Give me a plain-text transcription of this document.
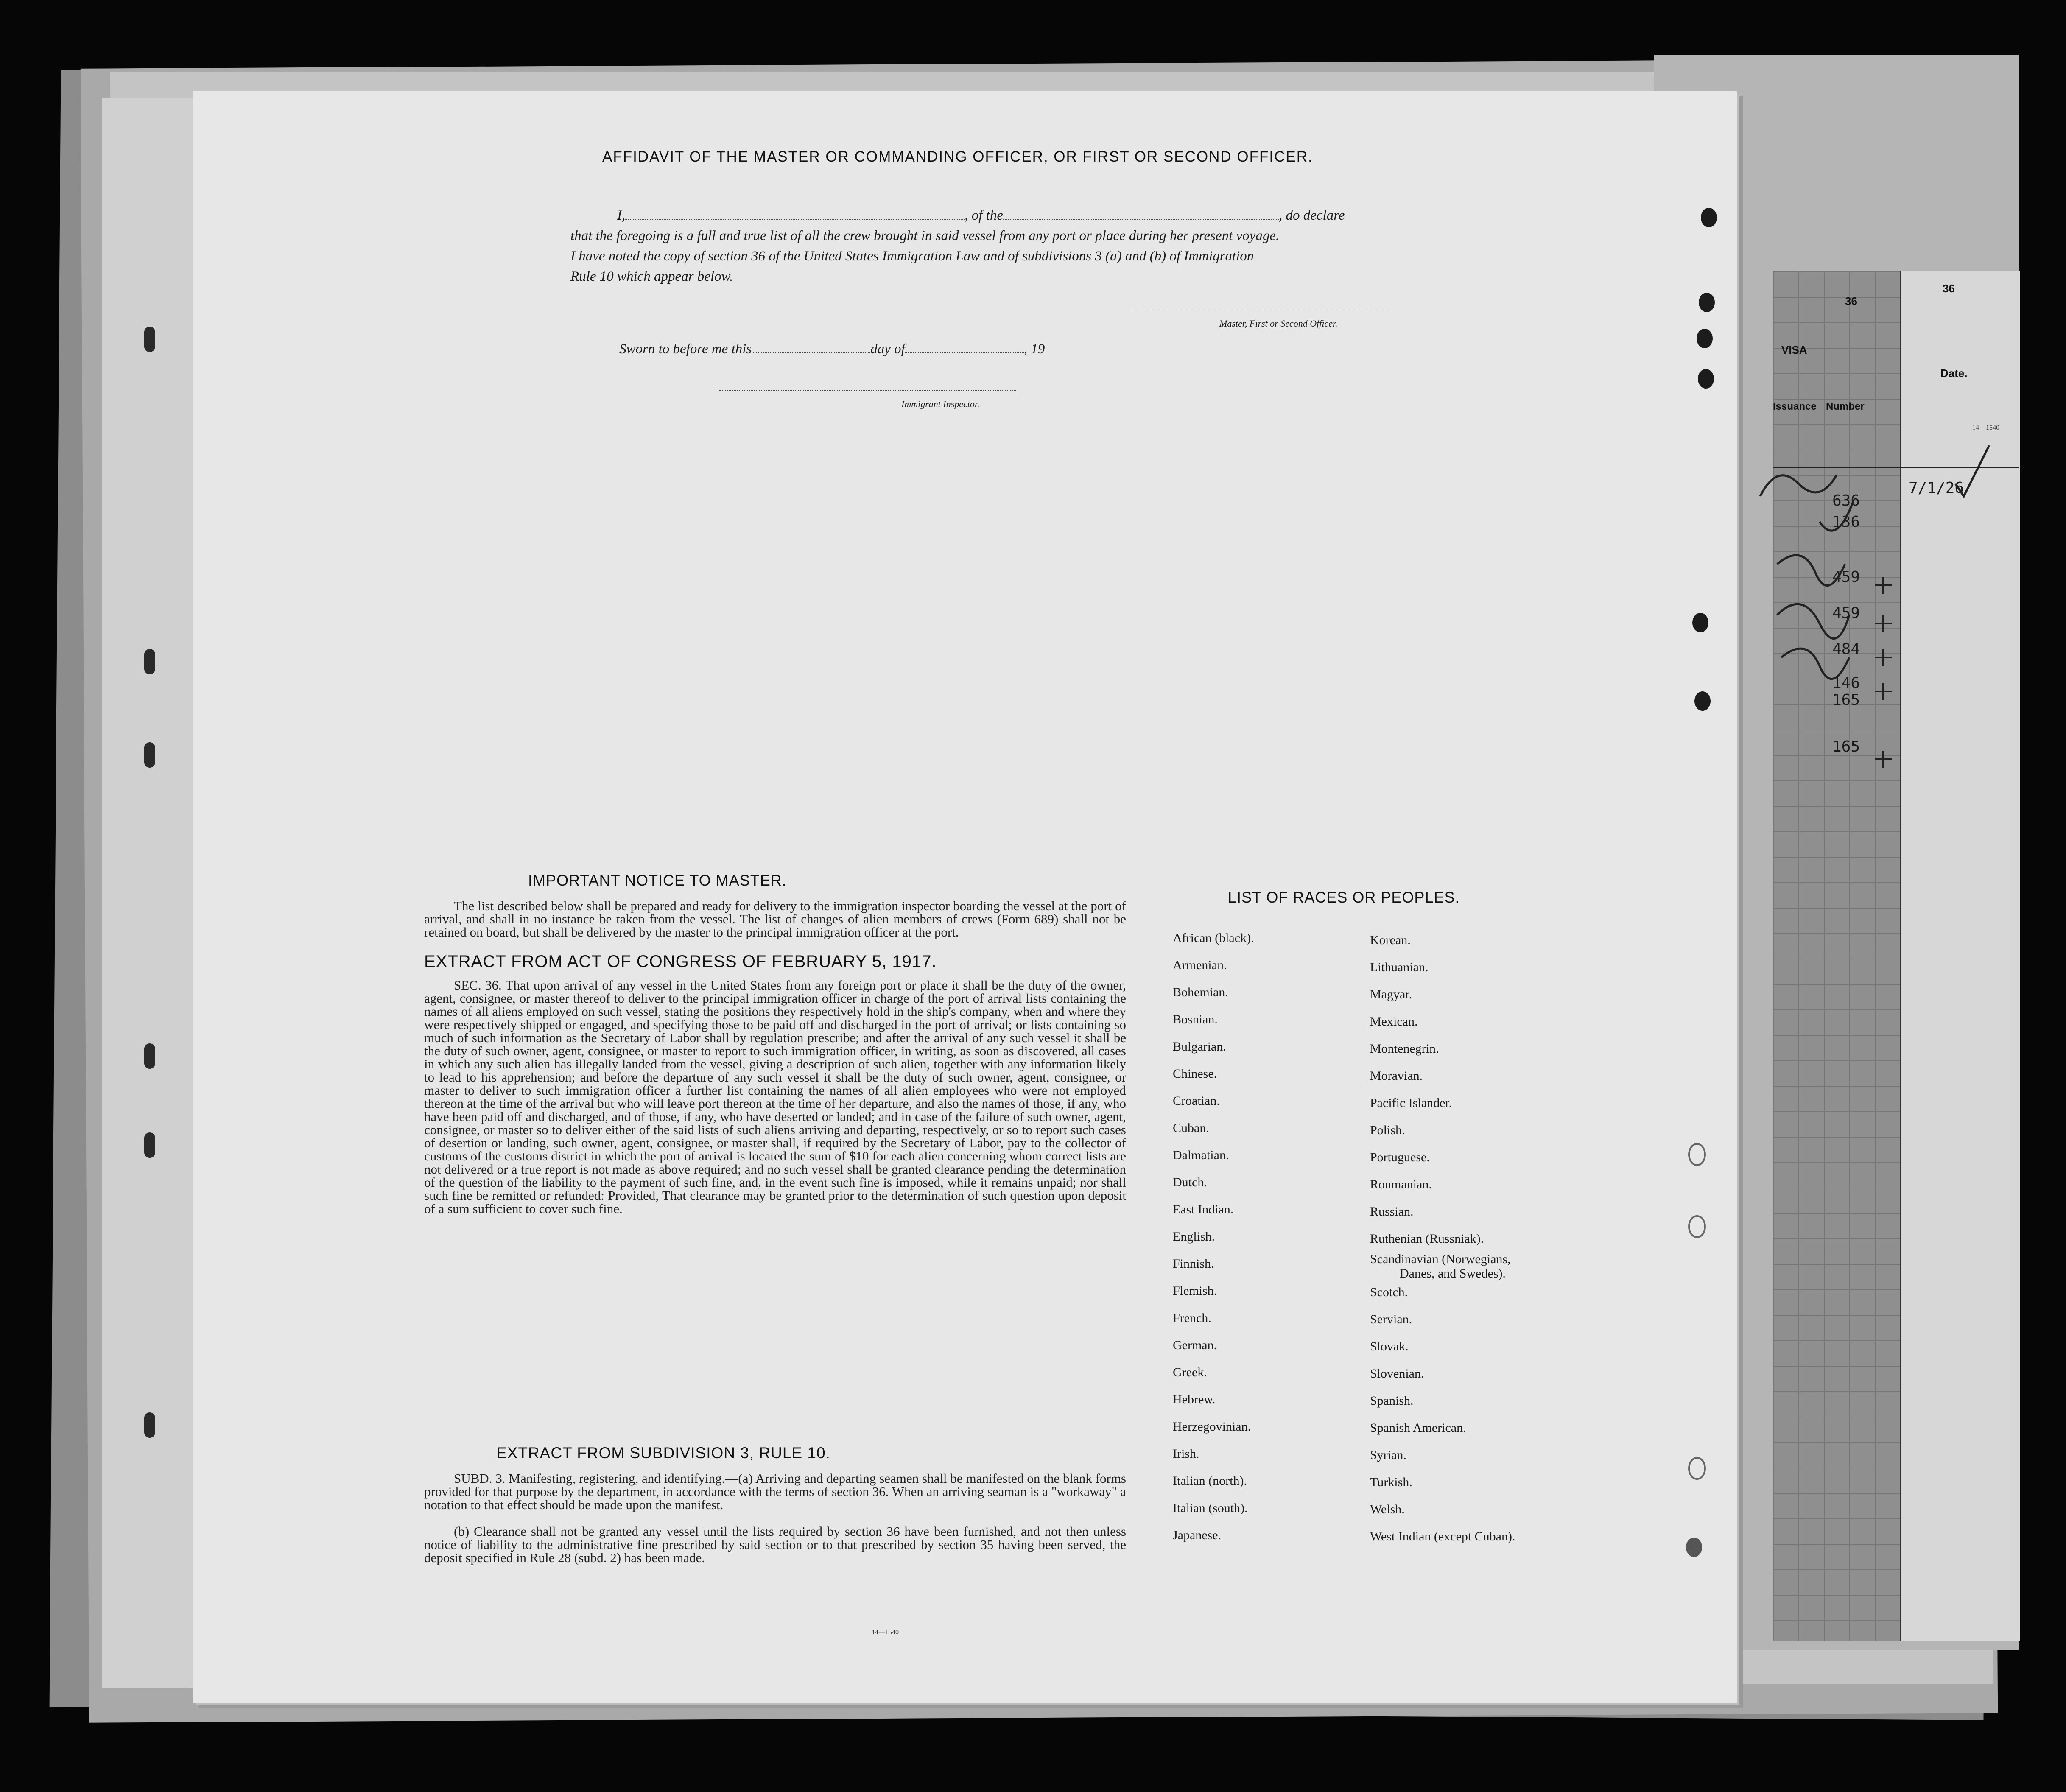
36
36
VISA
Date.
Issuance Number
636
136
459
459
484
146
165
165
7/1/26
14—1540
AFFIDAVIT OF THE MASTER OR COMMANDING OFFICER, OR FIRST OR SECOND OFFICER.
I,	, of the	, do declare
that the foregoing is a full and true list of all the crew brought in said vessel from any port or place during her present voyage.
I have noted the copy of section 36 of the United States Immigration Law and of subdivisions 3 (a) and (b) of Immigration
Rule 10 which appear below.
Master, First or Second Officer.
Sworn to before me this	day of	, 19
Immigrant Inspector.
IMPORTANT NOTICE TO MASTER.
The list described below shall be prepared and ready for delivery to the immigration inspector boarding the vessel at the port of arrival, and shall in no instance be taken from the vessel. The list of changes of alien members of crews (Form 689) shall not be retained on board, but shall be delivered by the master to the principal immigration officer at the port.
EXTRACT FROM ACT OF CONGRESS OF FEBRUARY 5, 1917.
SEC. 36. That upon arrival of any vessel in the United States from any foreign port or place it shall be the duty of the owner, agent, consignee, or master thereof to deliver to the principal immigration officer in charge of the port of arrival lists containing the names of all aliens employed on such vessel, stating the positions they respectively hold in the ship's company, when and where they were respectively shipped or engaged, and specifying those to be paid off and discharged in the port of arrival; or lists containing so much of such information as the Secretary of Labor shall by regulation prescribe; and after the arrival of any such vessel it shall be the duty of such owner, agent, consignee, or master to report to such immigration officer, in writing, as soon as discovered, all cases in which any such alien has illegally landed from the vessel, giving a description of such alien, together with any information likely to lead to his apprehension; and before the departure of any such vessel it shall be the duty of such owner, agent, consignee, or master to deliver to such immigration officer a further list containing the names of all alien employees who were not employed thereon at the time of the arrival but who will leave port thereon at the time of her departure, and also the names of those, if any, who have been paid off and discharged, and of those, if any, who have deserted or landed; and in case of the failure of such owner, agent, consignee, or master so to deliver either of the said lists of such aliens arriving and departing, respectively, or so to report such cases of desertion or landing, such owner, agent, consignee, or master shall, if required by the Secretary of Labor, pay to the collector of customs of the customs district in which the port of arrival is located the sum of $10 for each alien concerning whom correct lists are not delivered or a true report is not made as above required; and no such vessel shall be granted clearance pending the determination of the question of the liability to the payment of such fine, and, in the event such fine is imposed, while it remains unpaid; nor shall such fine be remitted or refunded: Provided, That clearance may be granted prior to the determination of such question upon deposit of a sum sufficient to cover such fine.
EXTRACT FROM SUBDIVISION 3, RULE 10.
SUBD. 3. Manifesting, registering, and identifying.—(a) Arriving and departing seamen shall be manifested on the blank forms provided for that purpose by the department, in accordance with the terms of section 36. When an arriving seaman is a "workaway" a notation to that effect should be made upon the manifest.
(b) Clearance shall not be granted any vessel until the lists required by section 36 have been furnished, and not then unless notice of liability to the administrative fine prescribed by said section or to that prescribed by section 35 having been served, the deposit specified in Rule 28 (subd. 2) has been made.
14—1540
LIST OF RACES OR PEOPLES.
African (black).
Armenian.
Bohemian.
Bosnian.
Bulgarian.
Chinese.
Croatian.
Cuban.
Dalmatian.
Dutch.
East Indian.
English.
Finnish.
Flemish.
French.
German.
Greek.
Hebrew.
Herzegovinian.
Irish.
Italian (north).
Italian (south).
Japanese.
Korean.
Lithuanian.
Magyar.
Mexican.
Montenegrin.
Moravian.
Pacific Islander.
Polish.
Portuguese.
Roumanian.
Russian.
Ruthenian (Russniak).
Scandinavian (Norwegians,
Danes, and Swedes).
Scotch.
Servian.
Slovak.
Slovenian.
Spanish.
Spanish American.
Syrian.
Turkish.
Welsh.
West Indian (except Cuban).
